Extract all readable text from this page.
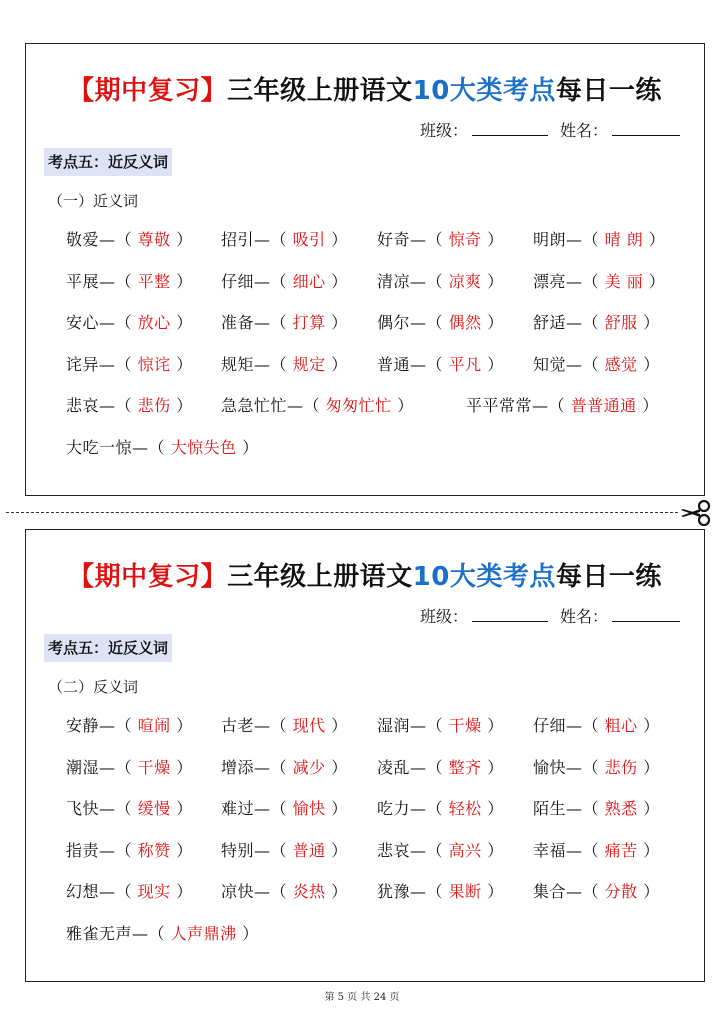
【期中复习】三年级上册语文10大类考点每日一练
班级：	姓名：
考点五：近反义词
（一）近义词
敬爱—（ 尊敬 ） 招引—（ 吸引 ） 好奇—（ 惊奇 ） 明朗—（ 晴 朗 ）
平展—（ 平整 ） 仔细—（ 细心 ） 清凉—（ 凉爽 ） 漂亮—（ 美 丽 ）
安心—（ 放心 ） 准备—（ 打算 ） 偶尔—（ 偶然 ） 舒适—（ 舒服 ）
诧异—（ 惊诧 ） 规矩—（ 规定 ） 普通—（ 平凡 ） 知觉—（ 感觉 ）
悲哀—（ 悲伤 ） 急急忙忙—（ 匆匆忙忙 ）	平平常常—（ 普普通通 ）
大吃一惊—（ 大惊失色 ）
【期中复习】三年级上册语文10大类考点每日一练
班级：	姓名：
考点五：近反义词
（二）反义词
安静—（ 喧闹 ） 古老—（ 现代 ） 湿润—（ 干燥 ） 仔细—（ 粗心 ）
潮湿—（ 干燥 ） 增添—（ 减少 ） 凌乱—（ 整齐 ） 愉快—（ 悲伤 ）
飞快—（ 缓慢 ） 难过—（ 愉快 ） 吃力—（ 轻松 ） 陌生—（ 熟悉 ）
指责—（ 称赞 ） 特别—（ 普通 ） 悲哀—（ 高兴 ） 幸福—（ 痛苦 ）
幻想—（ 现实 ） 凉快—（ 炎热 ） 犹豫—（ 果断 ） 集合—（ 分散 ）
雅雀无声—（ 人声鼎沸 ）
第 5 页 共 24 页
